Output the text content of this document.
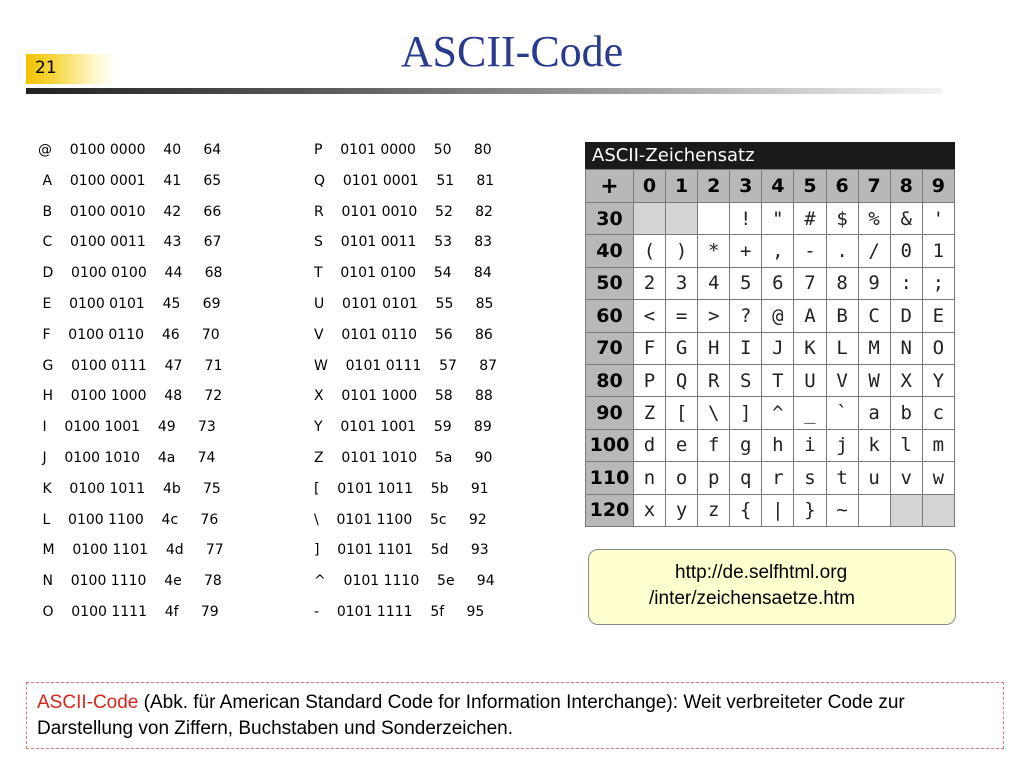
21	ASCII-Code
@    0100 0000    40     64
A    0100 0001    41     65
B    0100 0010    42     66
C    0100 0011    43     67
D    0100 0100    44     68
E    0100 0101    45     69
F    0100 0110    46     70
G    0100 0111    47     71
H    0100 1000    48     72
I    0100 1001    49     73
J    0100 1010    4a     74
K    0100 1011    4b     75
L    0100 1100    4c     76
M    0100 1101    4d     77
N    0100 1110    4e     78
O    0100 1111    4f     79
P    0101 0000    50     80
Q    0101 0001    51     81
R    0101 0010    52     82
S    0101 0011    53     83
T    0101 0100    54     84
U    0101 0101    55     85
V    0101 0110    56     86
W    0101 0111    57     87
X    0101 1000    58     88
Y    0101 1001    59     89
Z    0101 1010    5a     90
[    0101 1011    5b     91
\    0101 1100    5c     92
]    0101 1101    5d     93
^    0101 1110    5e     94
-    0101 1111    5f     95
ASCII-Zeichensatz
+	0	1	2	3	4	5	6	7	8	9
30				!	"	#	$	%	&	'
40	(	)	*	+	,	-	.	/	0	1
50	2	3	4	5	6	7	8	9	:	;
60	<	=	>	?	@	A	B	C	D	E
70	F	G	H	I	J	K	L	M	N	O
80	P	Q	R	S	T	U	V	W	X	Y
90	Z	[	\	]	^	_	`	a	b	c
100	d	e	f	g	h	i	j	k	l	m
110	n	o	p	q	r	s	t	u	v	w
120	x	y	z	{	|	}	~			
http://de.selfhtml.org
/inter/zeichensaetze.htm
ASCII-Code (Abk. für American Standard Code for Information Interchange): Weit verbreiteter Code zur Darstellung von Ziffern, Buchstaben und Sonderzeichen.
